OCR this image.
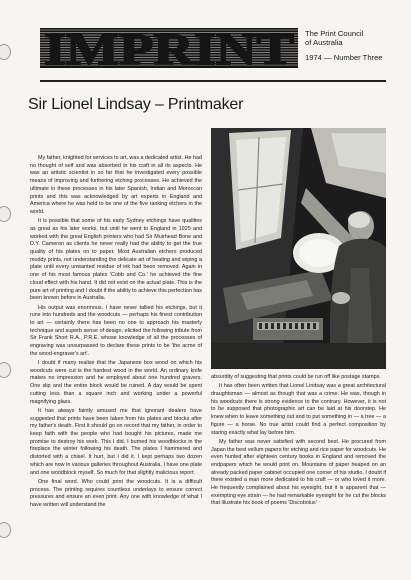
IMPRINT The Print Council
of Australia
1974 — Number Three
Sir Lionel Lindsay – Printmaker

My father, knighted for services to art, was a dedicated artist. He had no thought of self and was absorbed in his craft in all its aspects. He was an artistic scientist in so far that he investigated every possible means of improving and furthering etching processes. He achieved the ultimate in these processes in his later Spanish, Indian and Moroccan prints and this was acknowledged by art experts in England and America where he was held to be one of the five ranking etchers in the world.

It is possible that some of his early Sydney etchings have qualities as great as his later works, but until he went to England in 1925 and worked with the great English printers who had Sir Muirhead Bone and D.Y. Cameron as clients he never really had the ability to get the true quality of his plates on to paper. Most Australian etchers produced muddy prints, not understanding the delicate art of heating and wiping a plate until every unwanted residue of ink had been removed. Again in one of his most famous plates 'Cobb and Co.' he achieved the fine cloud effect with his hand. It did not exist on the actual plate. This is the pure art of printing and I doubt if the ability to achieve this perfection has been known before in Australia.

His output was enormous. I have never tallied his etchings, but it runs into hundreds and the woodcuts — perhaps his finest contribution to art — certainly there has been no one to approach his masterly technique and superb sense of design, elicited the following tribute from Sir Frank Short R.A., P.R.E. whose knowledge of all the processes of engraving was unsurpassed to declare these prints to be 'the acme of the wood-engraver's art'.

I doubt if many realise that the Japanese box wood on which his woodcuts were cut is the hardest wood in the world. An ordinary knife makes no impression and he employed about one hundred gravers. One slip and the entire block would be ruined. A day would be spent cutting less than a square inch and working under a powerful magnifying glass.

It has always faintly amused me that ignorant dealers have suggested that prints have been taken from his plates and blocks after my father's death. First it should go on record that my father, in order to keep faith with the people who had bought his pictures, made me promise to destroy his work. This I did. I burned his woodblocks in the fireplace the winter following his death. The plates I hammered and distorted with a chisel. It hurt, but I did it. I kept perhaps two dozen which are now in various galleries throughout Australia. I have one plate and one woodblock myself. So much for that slightly malicious report.

One final word. Who could print the woodcuts. It is a difficult process. The printing requires countless underlays to ensure correct pressures and ensure an even print. Any one with knowledge of what I have written will understand the

absurdity of suggesting that prints could be run off like postage stamps.

It has often been written that Lionel Lindsay was a great architectural draughtsman — almost as though that was a crime. He was, though in his woodcuts there is strong evidence to the contrary. However, it is not to be supposed that photographic art can be laid at his doorstep. He knew when to leave something out and to put something in — a tree — a figure — a horse. No true artist could find a perfect composition by staring exactly what lay before him.

My father was never satisfied with second best. He procured from Japan the best vellum papers for etching and rice paper for woodcuts. He even hunted after eighteen century books in England and removed the endpapers which he would print on. Mountains of paper heaped on an already packed paper cabinet occupied one corner of his studio. I doubt if there existed a man more dedicated to his craft — or who loved it more. He frequently complained about his eyesight, but it is apparent that — exempting eye strain — he had remarkable eyesight for he cut the blocks that illustrate his book of poems 'Discobolus'
